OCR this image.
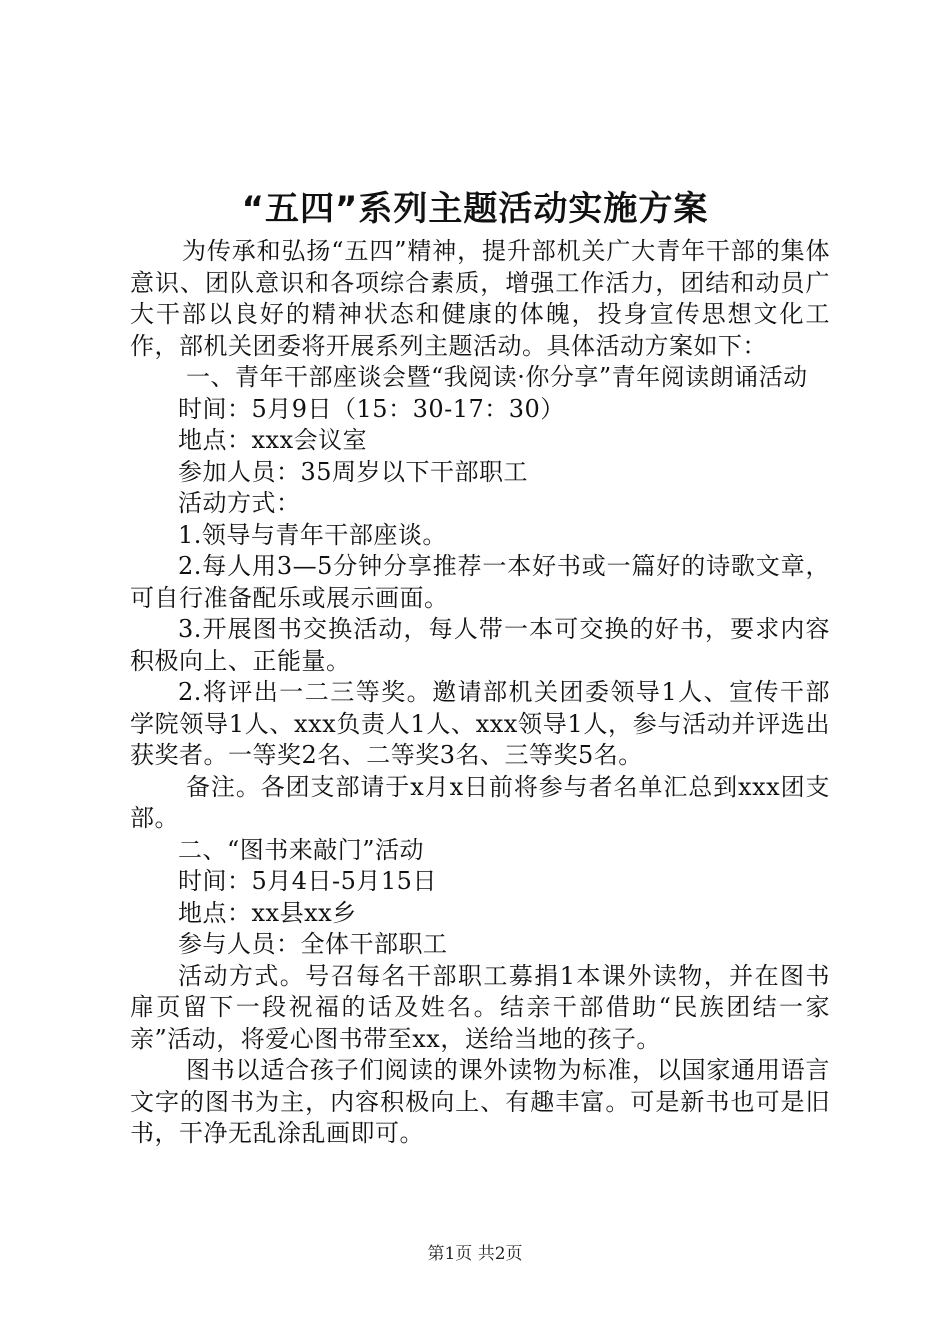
“五四”系列主题活动实施方案

为传承和弘扬“五四”精神，提升部机关广大青年干部的集体意识、团队意识和各项综合素质，增强工作活力，团结和动员广大干部以良好的精神状态和健康的体魄，投身宣传思想文化工作，部机关团委将开展系列主题活动。具体活动方案如下：

一、青年干部座谈会暨“我阅读·你分享”青年阅读朗诵活动

时间：5月9日（15：30-17：30）

地点：xxx会议室

参加人员：35周岁以下干部职工

活动方式：

1.领导与青年干部座谈。

2.每人用3—5分钟分享推荐一本好书或一篇好的诗歌文章，可自行准备配乐或展示画面。

3.开展图书交换活动，每人带一本可交换的好书，要求内容积极向上、正能量。

2.将评出一二三等奖。邀请部机关团委领导1人、宣传干部学院领导1人、xxx负责人1人、xxx领导1人，参与活动并评选出获奖者。一等奖2名、二等奖3名、三等奖5名。

备注。各团支部请于x月x日前将参与者名单汇总到xxx团支部。

二、“图书来敲门”活动

时间：5月4日-5月15日

地点：xx县xx乡

参与人员：全体干部职工

活动方式。号召每名干部职工募捐1本课外读物，并在图书扉页留下一段祝福的话及姓名。结亲干部借助“民族团结一家亲”活动，将爱心图书带至xx，送给当地的孩子。

图书以适合孩子们阅读的课外读物为标准，以国家通用语言文字的图书为主，内容积极向上、有趣丰富。可是新书也可是旧书，干净无乱涂乱画即可。

第1页 共2页
